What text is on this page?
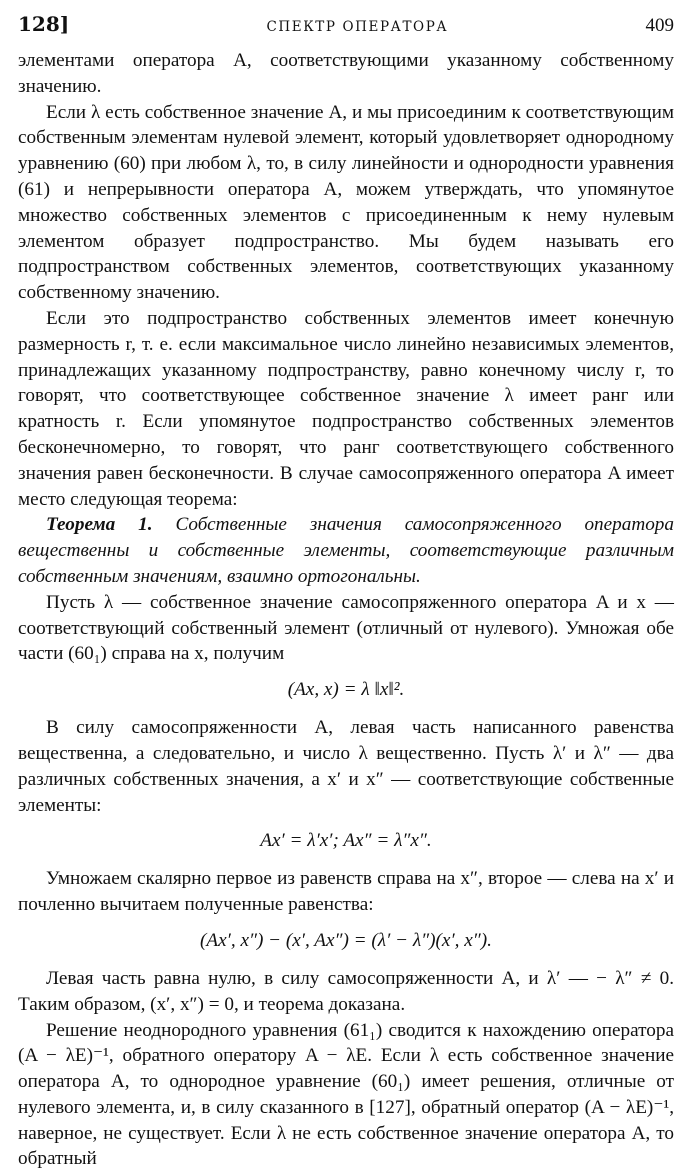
128]	СПЕКТР ОПЕРАТОРА	409

элементами оператора A, соответствующими указанному собственному значению.

Если λ есть собственное значение A, и мы присоединим к соответствующим собственным элементам нулевой элемент, который удовлетворяет однородному уравнению (60) при любом λ, то, в силу линейности и однородности уравнения (61) и непрерывности оператора A, можем утверждать, что упомянутое множество собственных элементов с присоединенным к нему нулевым элементом образует подпространство. Мы будем называть его подпространством собственных элементов, соответствующих указанному собственному значению.

Если это подпространство собственных элементов имеет конечную размерность r, т. е. если максимальное число линейно независимых элементов, принадлежащих указанному подпространству, равно конечному числу r, то говорят, что соответствующее собственное значение λ имеет ранг или кратность r. Если упомянутое подпространство собственных элементов бесконечномерно, то говорят, что ранг соответствующего собственного значения равен бесконечности. В случае самосопряженного оператора A имеет место следующая теорема:

Теорема 1. Собственные значения самосопряженного оператора вещественны и собственные элементы, соответствующие различным собственным значениям, взаимно ортогональны.

Пусть λ — собственное значение самосопряженного оператора A и x — соответствующий собственный элемент (отличный от нулевого). Умножая обе части (60₁) справа на x, получим

(Ax, x) = λ ‖x‖².

В силу самосопряженности A, левая часть написанного равенства вещественна, а следовательно, и число λ вещественно. Пусть λ′ и λ″ — два различных собственных значения, а x′ и x″ — соответствующие собственные элементы:

Ax′ = λ′x′; Ax″ = λ″x″.

Умножаем скалярно первое из равенств справа на x″, второе — слева на x′ и почленно вычитаем полученные равенства:

(Ax′, x″) − (x′, Ax″) = (λ′ − λ″)(x′, x″).

Левая часть равна нулю, в силу самосопряженности A, и λ′ — − λ″ ≠ 0. Таким образом, (x′, x″) = 0, и теорема доказана.

Решение неоднородного уравнения (61₁) сводится к нахождению оператора (A − λE)⁻¹, обратного оператору A − λE. Если λ есть собственное значение оператора A, то однородное уравнение (60₁) имеет решения, отличные от нулевого элемента, и, в силу сказанного в [127], обратный оператор (A − λE)⁻¹, наверное, не существует. Если λ не есть собственное значение оператора A, то обратный
